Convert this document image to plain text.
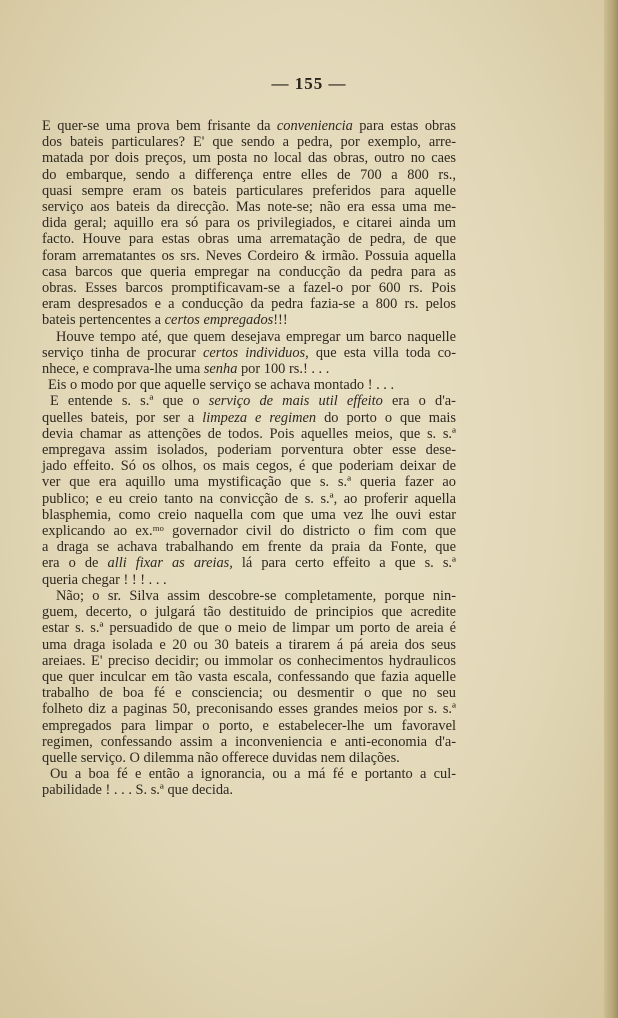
— 155 —
E quer-se uma prova bem frisante da conveniencia para estas obras
dos bateis particulares? E' que sendo a pedra, por exemplo, arre-
matada por dois preços, um posta no local das obras, outro no caes
do embarque, sendo a differença entre elles de 700 a 800 rs.,
quasi sempre eram os bateis particulares preferidos para aquelle
serviço aos bateis da direcção. Mas note-se; não era essa uma me-
dida geral; aquillo era só para os privilegiados, e citarei ainda um
facto. Houve para estas obras uma arrematação de pedra, de que
foram arrematantes os srs. Neves Cordeiro & irmão. Possuia aquella
casa barcos que queria empregar na conducção da pedra para as
obras. Esses barcos promptificavam-se a fazel-o por 600 rs. Pois
eram despresados e a conducção da pedra fazia-se a 800 rs. pelos
bateis pertencentes a certos empregados!!!
Houve tempo até, que quem desejava empregar um barco naquelle
serviço tinha de procurar certos individuos, que esta villa toda co-
nhece, e comprava-lhe uma senha por 100 rs.! . . .
Eis o modo por que aquelle serviço se achava montado ! . . .
E entende s. s.ª que o serviço de mais util effeito era o d'a-
quelles bateis, por ser a limpeza e regimen do porto o que mais
devia chamar as attenções de todos. Pois aquelles meios, que s. s.ª
empregava assim isolados, poderiam porventura obter esse dese-
jado effeito. Só os olhos, os mais cegos, é que poderiam deixar de
ver que era aquillo uma mystificação que s. s.ª queria fazer ao
publico; e eu creio tanto na convicção de s. s.ª, ao proferir aquella
blasphemia, como creio naquella com que uma vez lhe ouvi estar
explicando ao ex.ᵐᵒ governador civil do districto o fim com que
a draga se achava trabalhando em frente da praia da Fonte, que
era o de alli fixar as areias, lá para certo effeito a que s. s.ª
queria chegar ! ! ! . . .
Não; o sr. Silva assim descobre-se completamente, porque nin-
guem, decerto, o julgará tão destituido de principios que acredite
estar s. s.ª persuadido de que o meio de limpar um porto de areia é
uma draga isolada e 20 ou 30 bateis a tirarem á pá areia dos seus
areiaes. E' preciso decidir; ou immolar os conhecimentos hydraulicos
que quer inculcar em tão vasta escala, confessando que fazia aquelle
trabalho de boa fé e consciencia; ou desmentir o que no seu
folheto diz a paginas 50, preconisando esses grandes meios por s. s.ª
empregados para limpar o porto, e estabelecer-lhe um favoravel
regimen, confessando assim a inconveniencia e anti-economia d'a-
quelle serviço. O dilemma não offerece duvidas nem dilações.
Ou a boa fé e então a ignorancia, ou a má fé e portanto a cul-
pabilidade ! . . . S. s.ª que decida.
